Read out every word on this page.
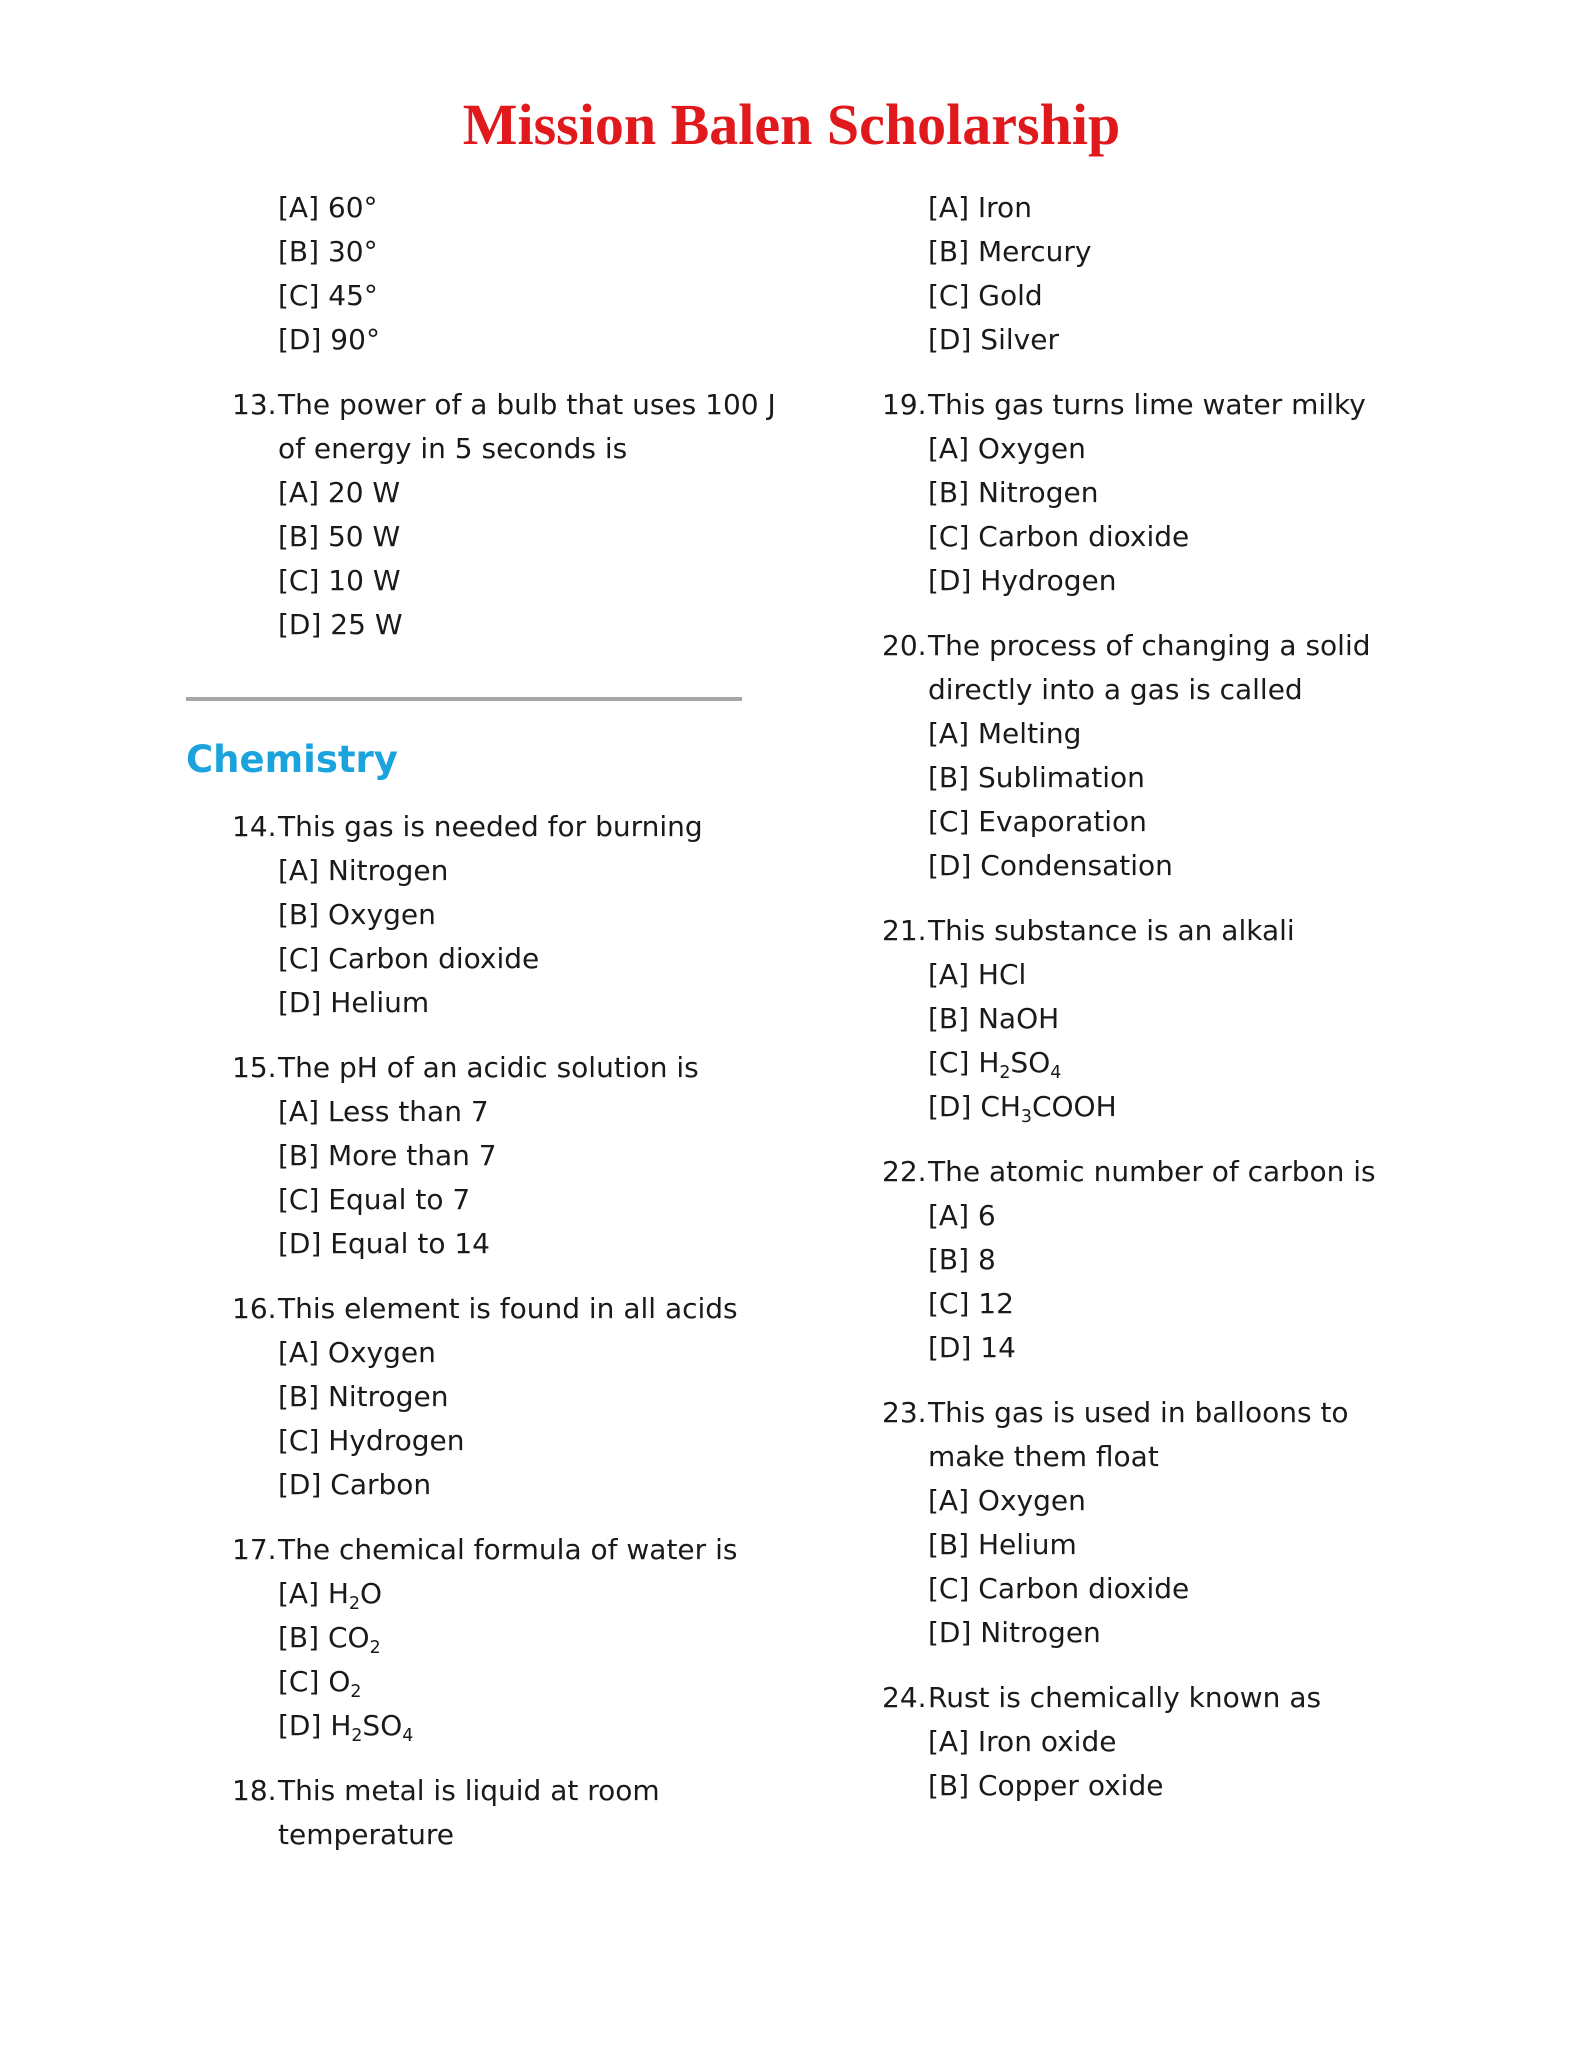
Mission Balen Scholarship
[A] 60°
[B] 30°
[C] 45°
[D] 90°
13. The power of a bulb that uses 100 J
of energy in 5 seconds is
[A] 20 W
[B] 50 W
[C] 10 W
[D] 25 W
Chemistry
14. This gas is needed for burning
[A] Nitrogen
[B] Oxygen
[C] Carbon dioxide
[D] Helium
15. The pH of an acidic solution is
[A] Less than 7
[B] More than 7
[C] Equal to 7
[D] Equal to 14
16. This element is found in all acids
[A] Oxygen
[B] Nitrogen
[C] Hydrogen
[D] Carbon
17. The chemical formula of water is
[A] $H_2O$
[B] $CO_2$
[C] $O_2$
[D] $H_2SO_4$
18. This metal is liquid at room
temperature
[A] Iron
[B] Mercury
[C] Gold
[D] Silver
19. This gas turns lime water milky
[A] Oxygen
[B] Nitrogen
[C] Carbon dioxide
[D] Hydrogen
20. The process of changing a solid
directly into a gas is called
[A] Melting
[B] Sublimation
[C] Evaporation
[D] Condensation
21. This substance is an alkali
[A] HCl
[B] NaOH
[C] $H_2SO_4$
[D] $CH_3COOH$
22. The atomic number of carbon is
[A] 6
[B] 8
[C] 12
[D] 14
23. This gas is used in balloons to
make them float
[A] Oxygen
[B] Helium
[C] Carbon dioxide
[D] Nitrogen
24. Rust is chemically known as
[A] Iron oxide
[B] Copper oxide
